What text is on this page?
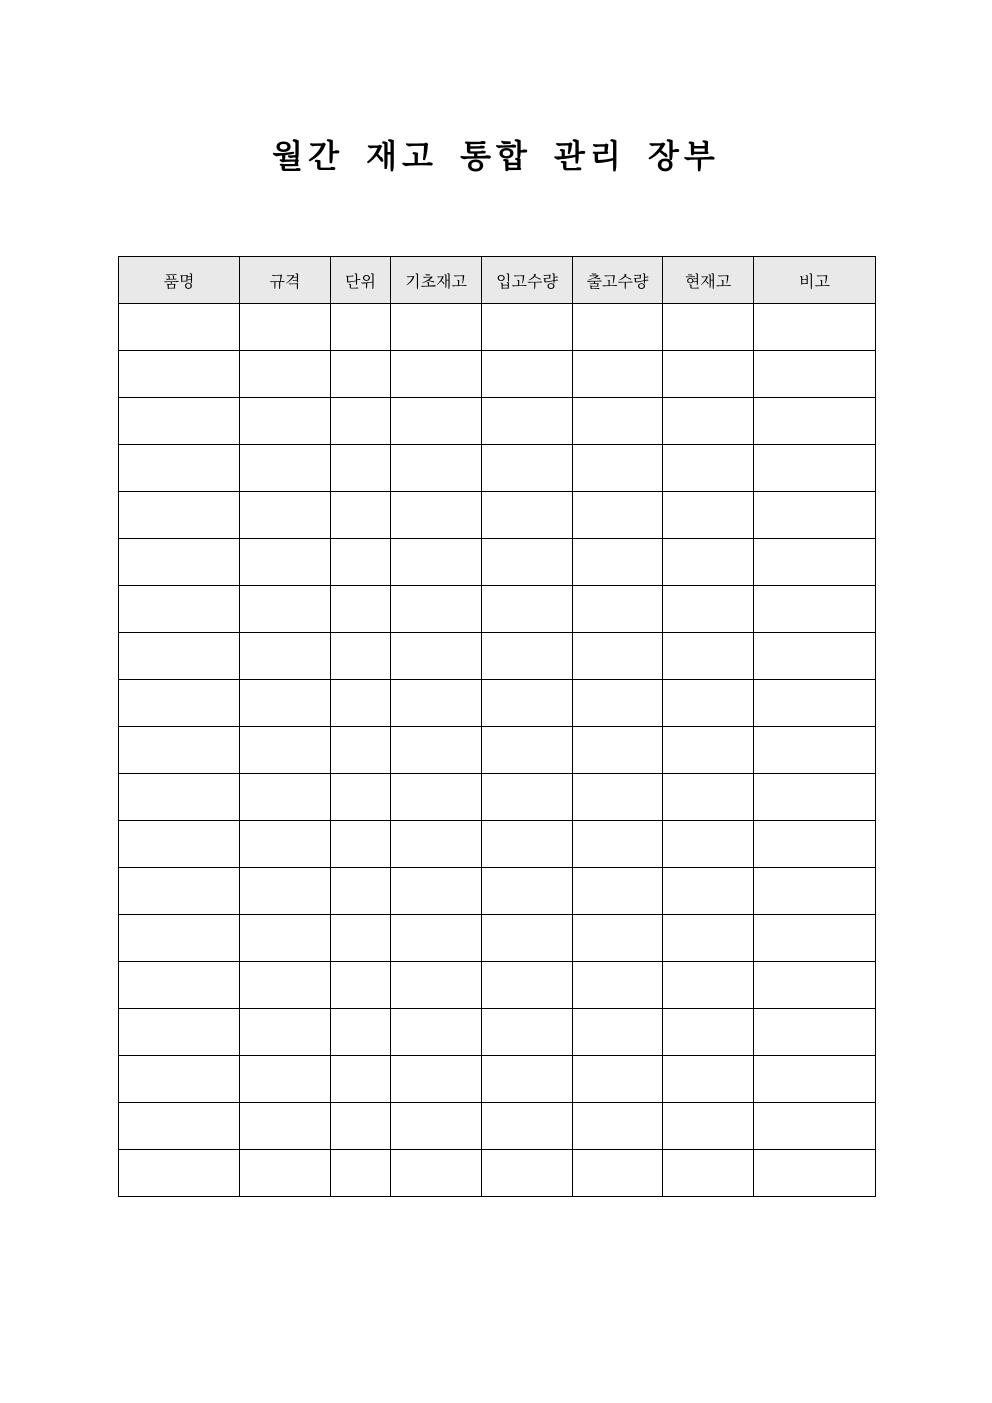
월간 재고 통합 관리 장부
품명	규격	단위	기초재고	입고수량	출고수량	현재고	비고
